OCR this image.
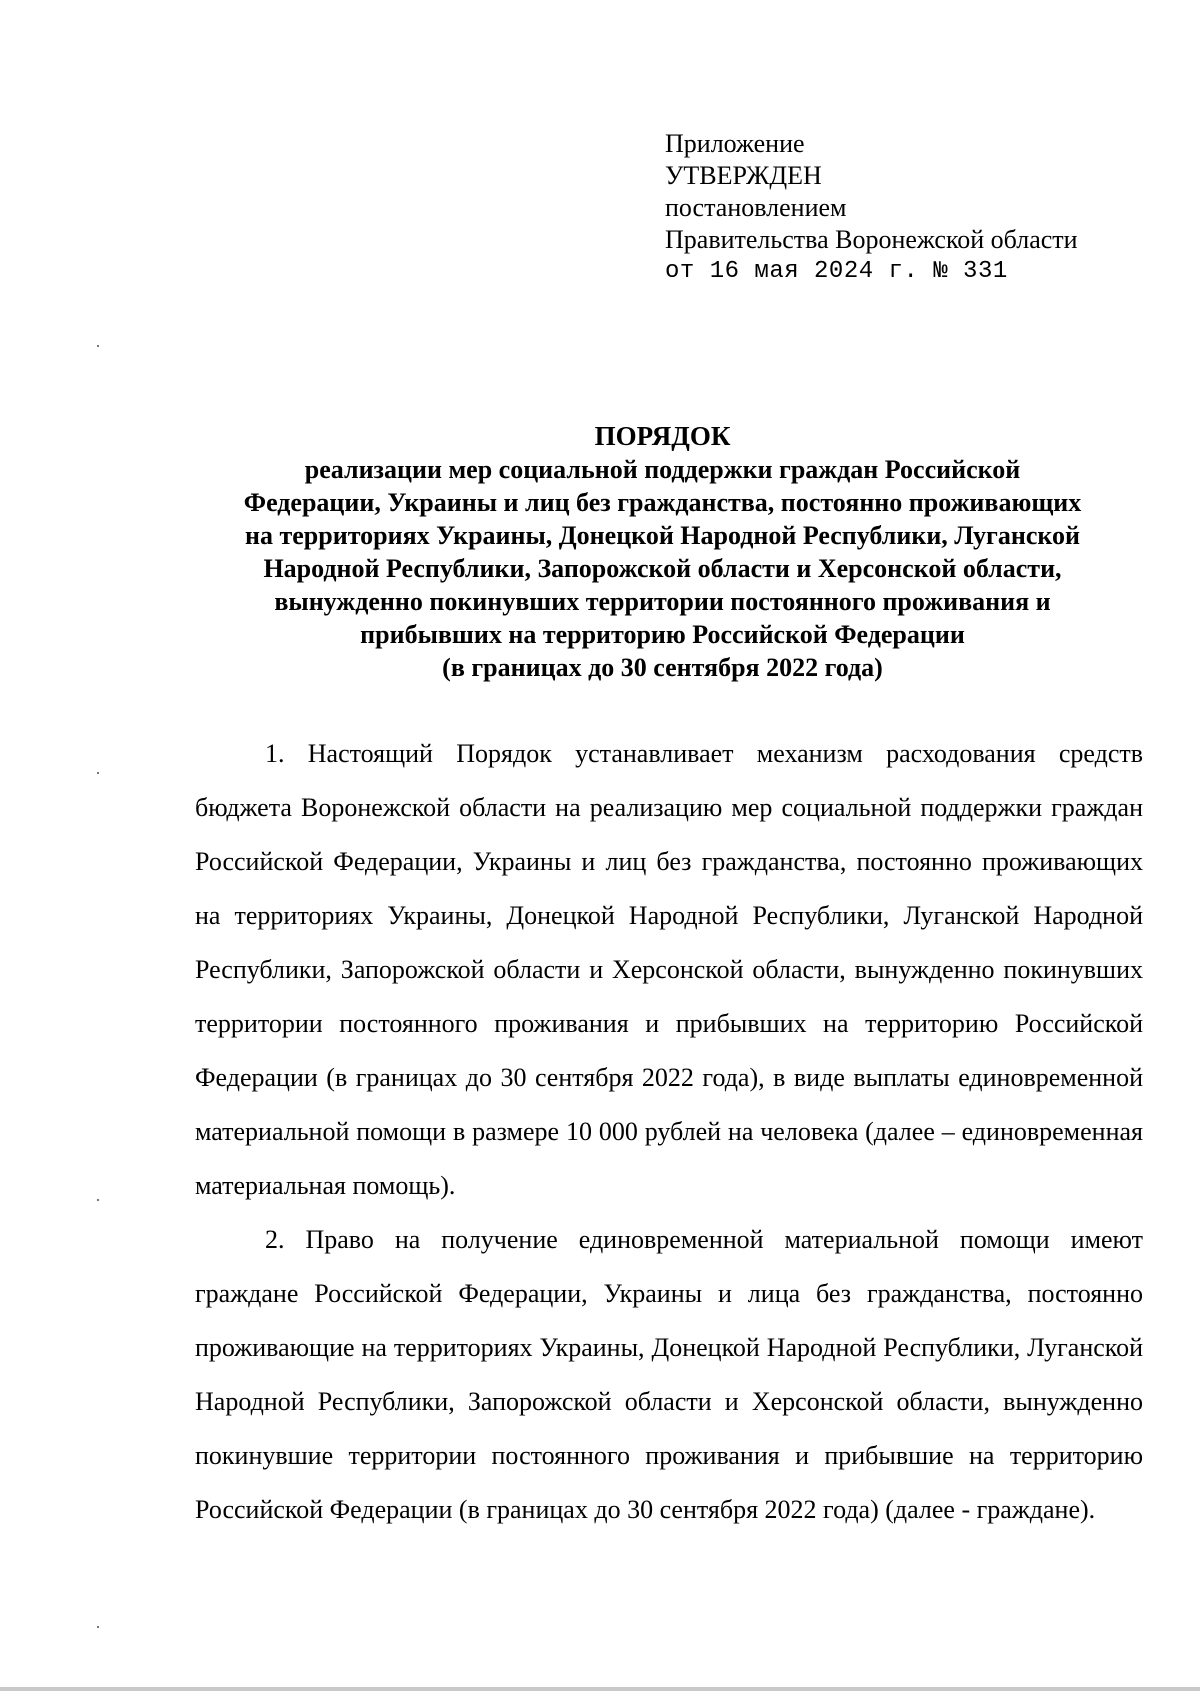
Приложение

УТВЕРЖДЕН

постановлением

Правительства Воронежской области

от 16 мая 2024 г. № 331

ПОРЯДОК

реализации мер социальной поддержки граждан Российской

Федерации, Украины и лиц без гражданства, постоянно проживающих

на территориях Украины, Донецкой Народной Республики, Луганской

Народной Республики, Запорожской области и Херсонской области,

вынужденно покинувших территории постоянного проживания и

прибывших на территорию Российской Федерации

(в границах до 30 сентября 2022 года)

1. Настоящий Порядок устанавливает механизм расходования средств бюджета Воронежской области на реализацию мер социальной поддержки граждан Российской Федерации, Украины и лиц без гражданства, постоянно проживающих на территориях Украины, Донецкой Народной Республики, Луганской Народной Республики, Запорожской области и Херсонской области, вынужденно покинувших территории постоянного проживания и прибывших на территорию Российской Федерации (в границах до 30 сентября 2022 года), в виде выплаты единовременной материальной помощи в размере 10 000 рублей на человека (далее – единовременная материальная помощь).

2. Право на получение единовременной материальной помощи имеют граждане Российской Федерации, Украины и лица без гражданства, постоянно проживающие на территориях Украины, Донецкой Народной Республики, Луганской Народной Республики, Запорожской области и Херсонской области, вынужденно покинувшие территории постоянного проживания и прибывшие на территорию Российской Федерации (в границах до 30 сентября 2022 года) (далее - граждане).
